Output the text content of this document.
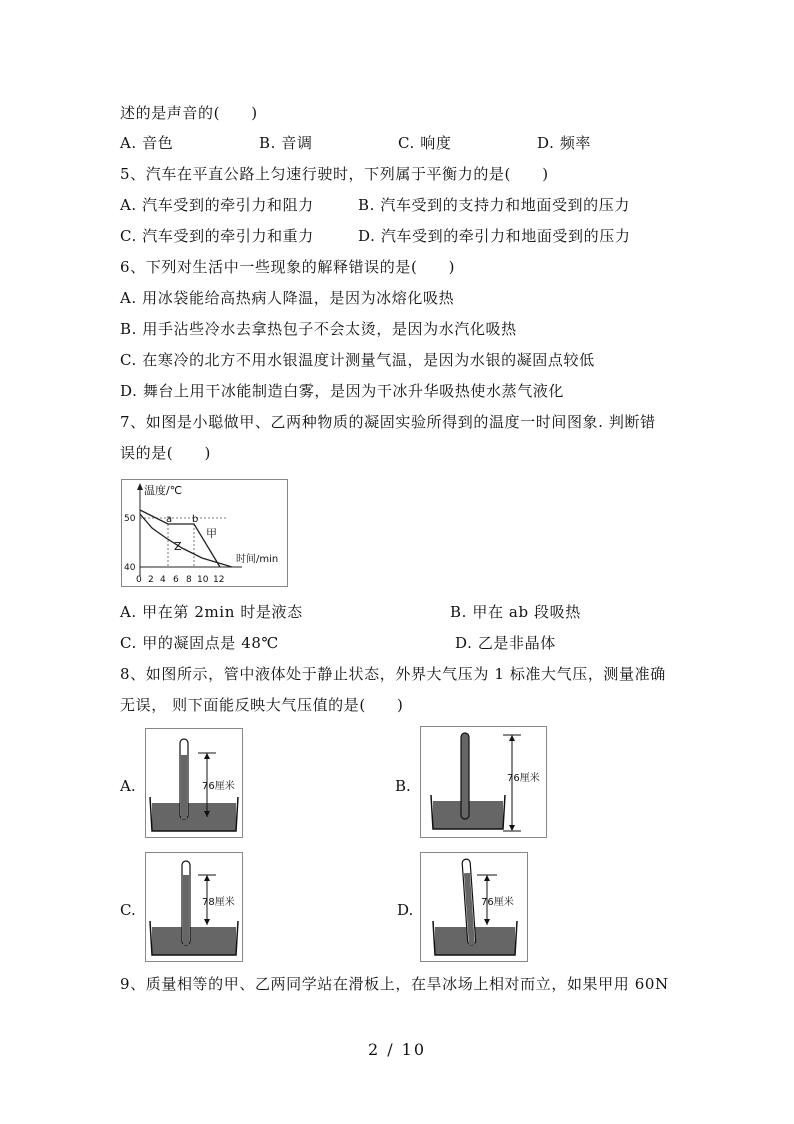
述的是声音的(　　)
A. 音色	B. 音调	C. 响度	D. 频率
5、汽车在平直公路上匀速行驶时，下列属于平衡力的是(　　)
A. 汽车受到的牵引力和阻力	B. 汽车受到的支持力和地面受到的压力
C. 汽车受到的牵引力和重力	D. 汽车受到的牵引力和地面受到的压力
6、下列对生活中一些现象的解释错误的是(　　)
A. 用冰袋能给高热病人降温，是因为冰熔化吸热
B. 用手沾些冷水去拿热包子不会太烫，是因为水汽化吸热
C. 在寒冷的北方不用水银温度计测量气温，是因为水银的凝固点较低
D. 舞台上用干冰能制造白雾，是因为干冰升华吸热使水蒸气液化
7、如图是小聪做甲、乙两种物质的凝固实验所得到的温度一时间图象. 判断错
误的是(　　)
温度/℃
50
40
a b
甲
Z
时间/min
0 2 4 6 8 10 12
A. 甲在第 2min 时是液态	B. 甲在 ab 段吸热
C. 甲的凝固点是 48℃	D. 乙是非晶体
8、如图所示，管中液体处于静止状态，外界大气压为 1 标准大气压，测量准确
无误， 则下面能反映大气压值的是(　　)
A.	76厘米	B.	76厘米
C.	78厘米	D.	76厘米
9、质量相等的甲、乙两同学站在滑板上，在旱冰场上相对而立，如果甲用 60N
2 / 10
